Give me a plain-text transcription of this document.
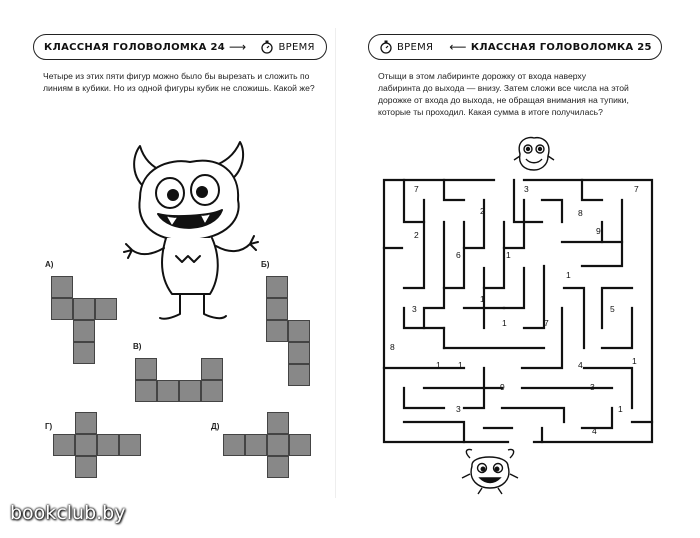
КЛАССНАЯ ГОЛОВОЛОМКА 24 ⟶	ВРЕМЯ
Четыре из этих пяти фигур можно было бы вырезать и сложить по линиям в кубики. Но из одной фигуры кубик не сложишь. Какой же?
А)	Б)
В)
Г)	Д)
ВРЕМЯ ⟵ КЛАССНАЯ ГОЛОВОЛОМКА 25
Отыщи в этом лабиринте дорожку от входа наверху лабиринта до выхода — внизу. Затем сложи все числа на этой дорожке от входа до выхода, не обращая внимания на тупики, которые ты проходил. Какая сумма в итоге получилась?
7	3	7
2	8
2	9
6	1
1
1
3	5
1	7
8
1 1	4	1
9	3
3	1
4
bookclub.by
